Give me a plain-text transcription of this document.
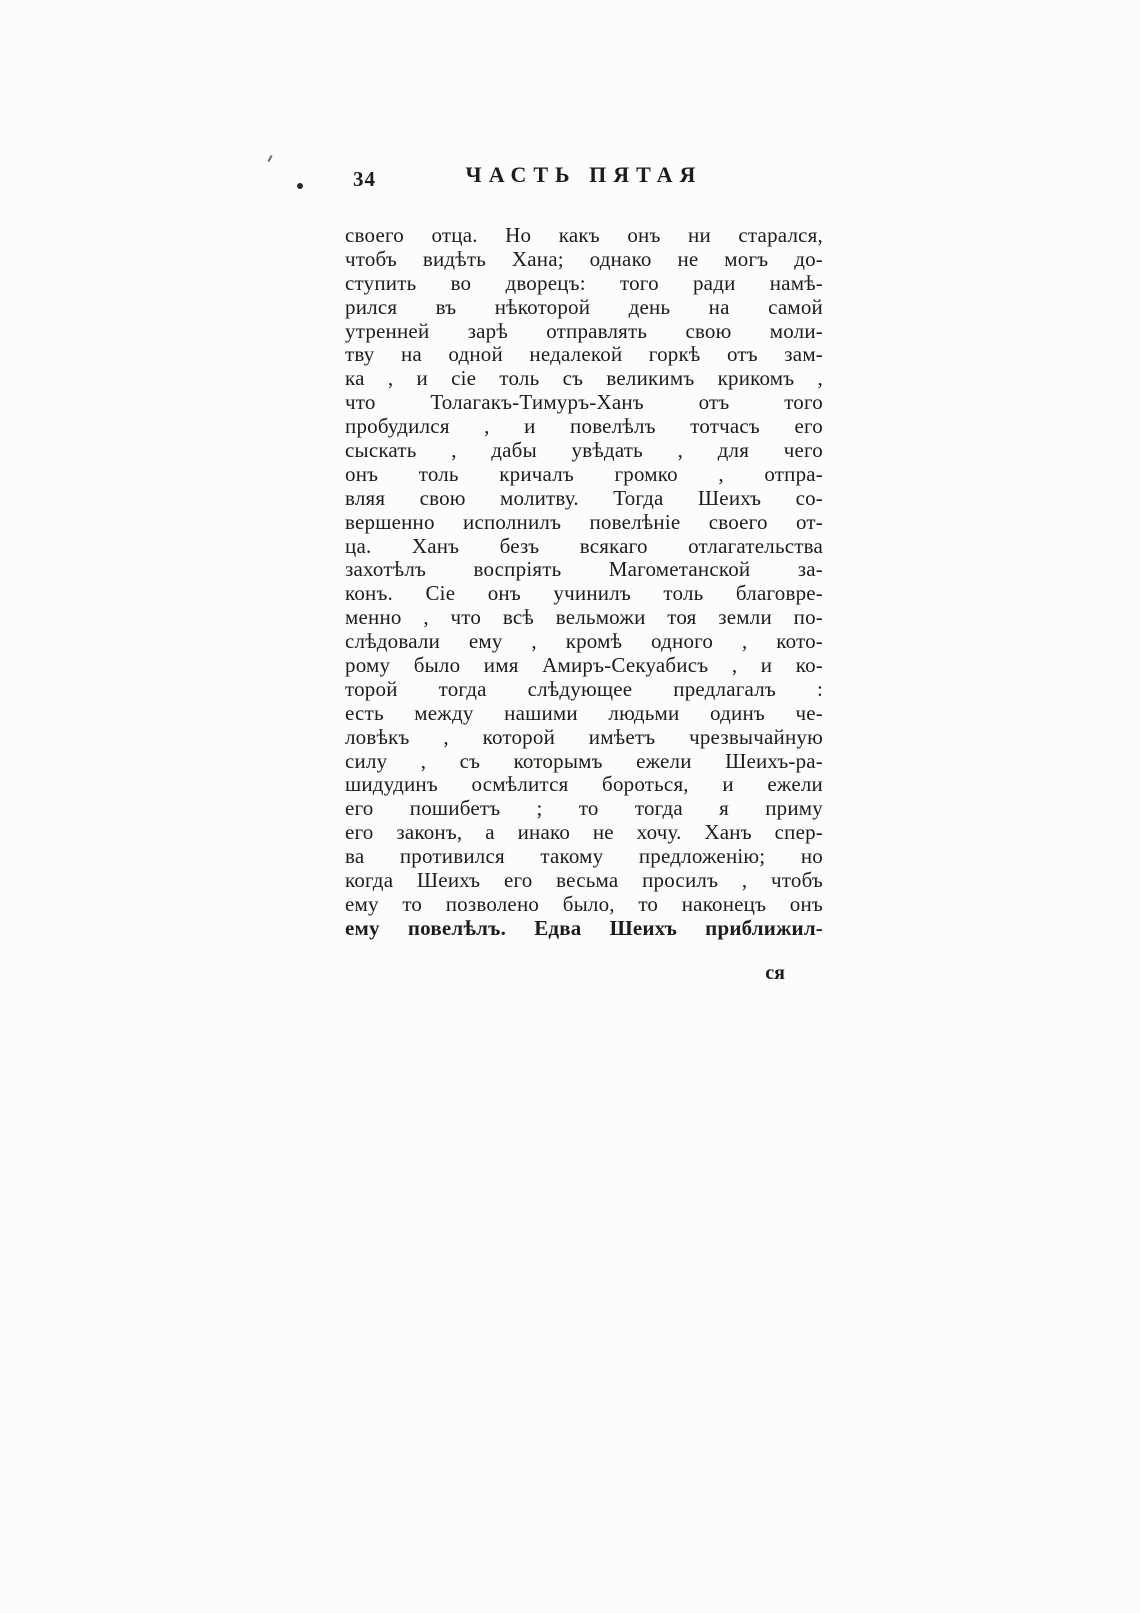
34	ЧАСТЬ ПЯТАЯ
своего отца. Но какъ онъ ни старался,
чтобъ видѣть Хана; однако не могъ до-
ступить во дворецъ: того ради намѣ-
рился въ нѣкоторой день на самой
утренней зарѣ отправлять свою моли-
тву на одной недалекой горкѣ отъ зам-
ка , и сіе толь съ великимъ крикомъ ,
что Толагакъ-Тимуръ-Ханъ отъ того
пробудился , и повелѣлъ тотчасъ его
сыскать , дабы увѣдать , для чего
онъ толь кричалъ громко , отпра-
вляя свою молитву. Тогда Шеихъ со-
вершенно исполнилъ повелѣніе своего от-
ца. Ханъ безъ всякаго отлагательства
захотѣлъ воспріять Магометанской за-
конъ. Сіе онъ учинилъ толь благовре-
менно , что всѣ вельможи тоя земли по-
слѣдовали ему , кромѣ одного , кото-
рому было имя Амиръ-Секуабисъ , и ко-
торой тогда слѣдующее предлагалъ :
есть между нашими людьми одинъ че-
ловѣкъ , которой имѣетъ чрезвычайную
силу , съ которымъ ежели Шеихъ-ра-
шидудинъ осмѣлится бороться, и ежели
его пошибетъ ; то тогда я приму
его законъ, а инако не хочу. Ханъ спер-
ва противился такому предложенію; но
когда Шеихъ его весьма просилъ , чтобъ
ему то позволено было, то наконецъ онъ
ему повелѣлъ. Едва Шеихъ приближил-
ся
